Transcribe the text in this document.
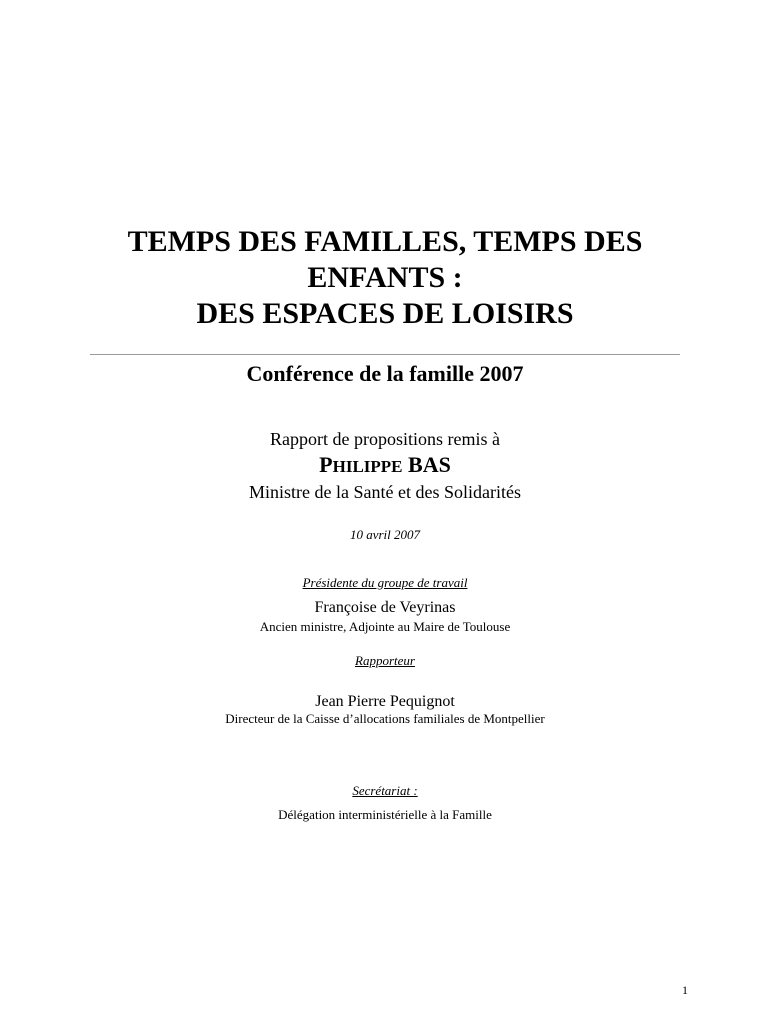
TEMPS DES FAMILLES, TEMPS DES
ENFANTS :
DES ESPACES DE LOISIRS
Conférence de la famille 2007
Rapport de propositions remis à
PHILIPPE BAS
Ministre de la Santé et des Solidarités
10 avril 2007
Présidente du groupe de travail
Françoise de Veyrinas
Ancien ministre, Adjointe au Maire de Toulouse
Rapporteur
Jean Pierre Pequignot
Directeur de la Caisse d’allocations familiales de Montpellier
Secrétariat :
Délégation interministérielle à la Famille
1
